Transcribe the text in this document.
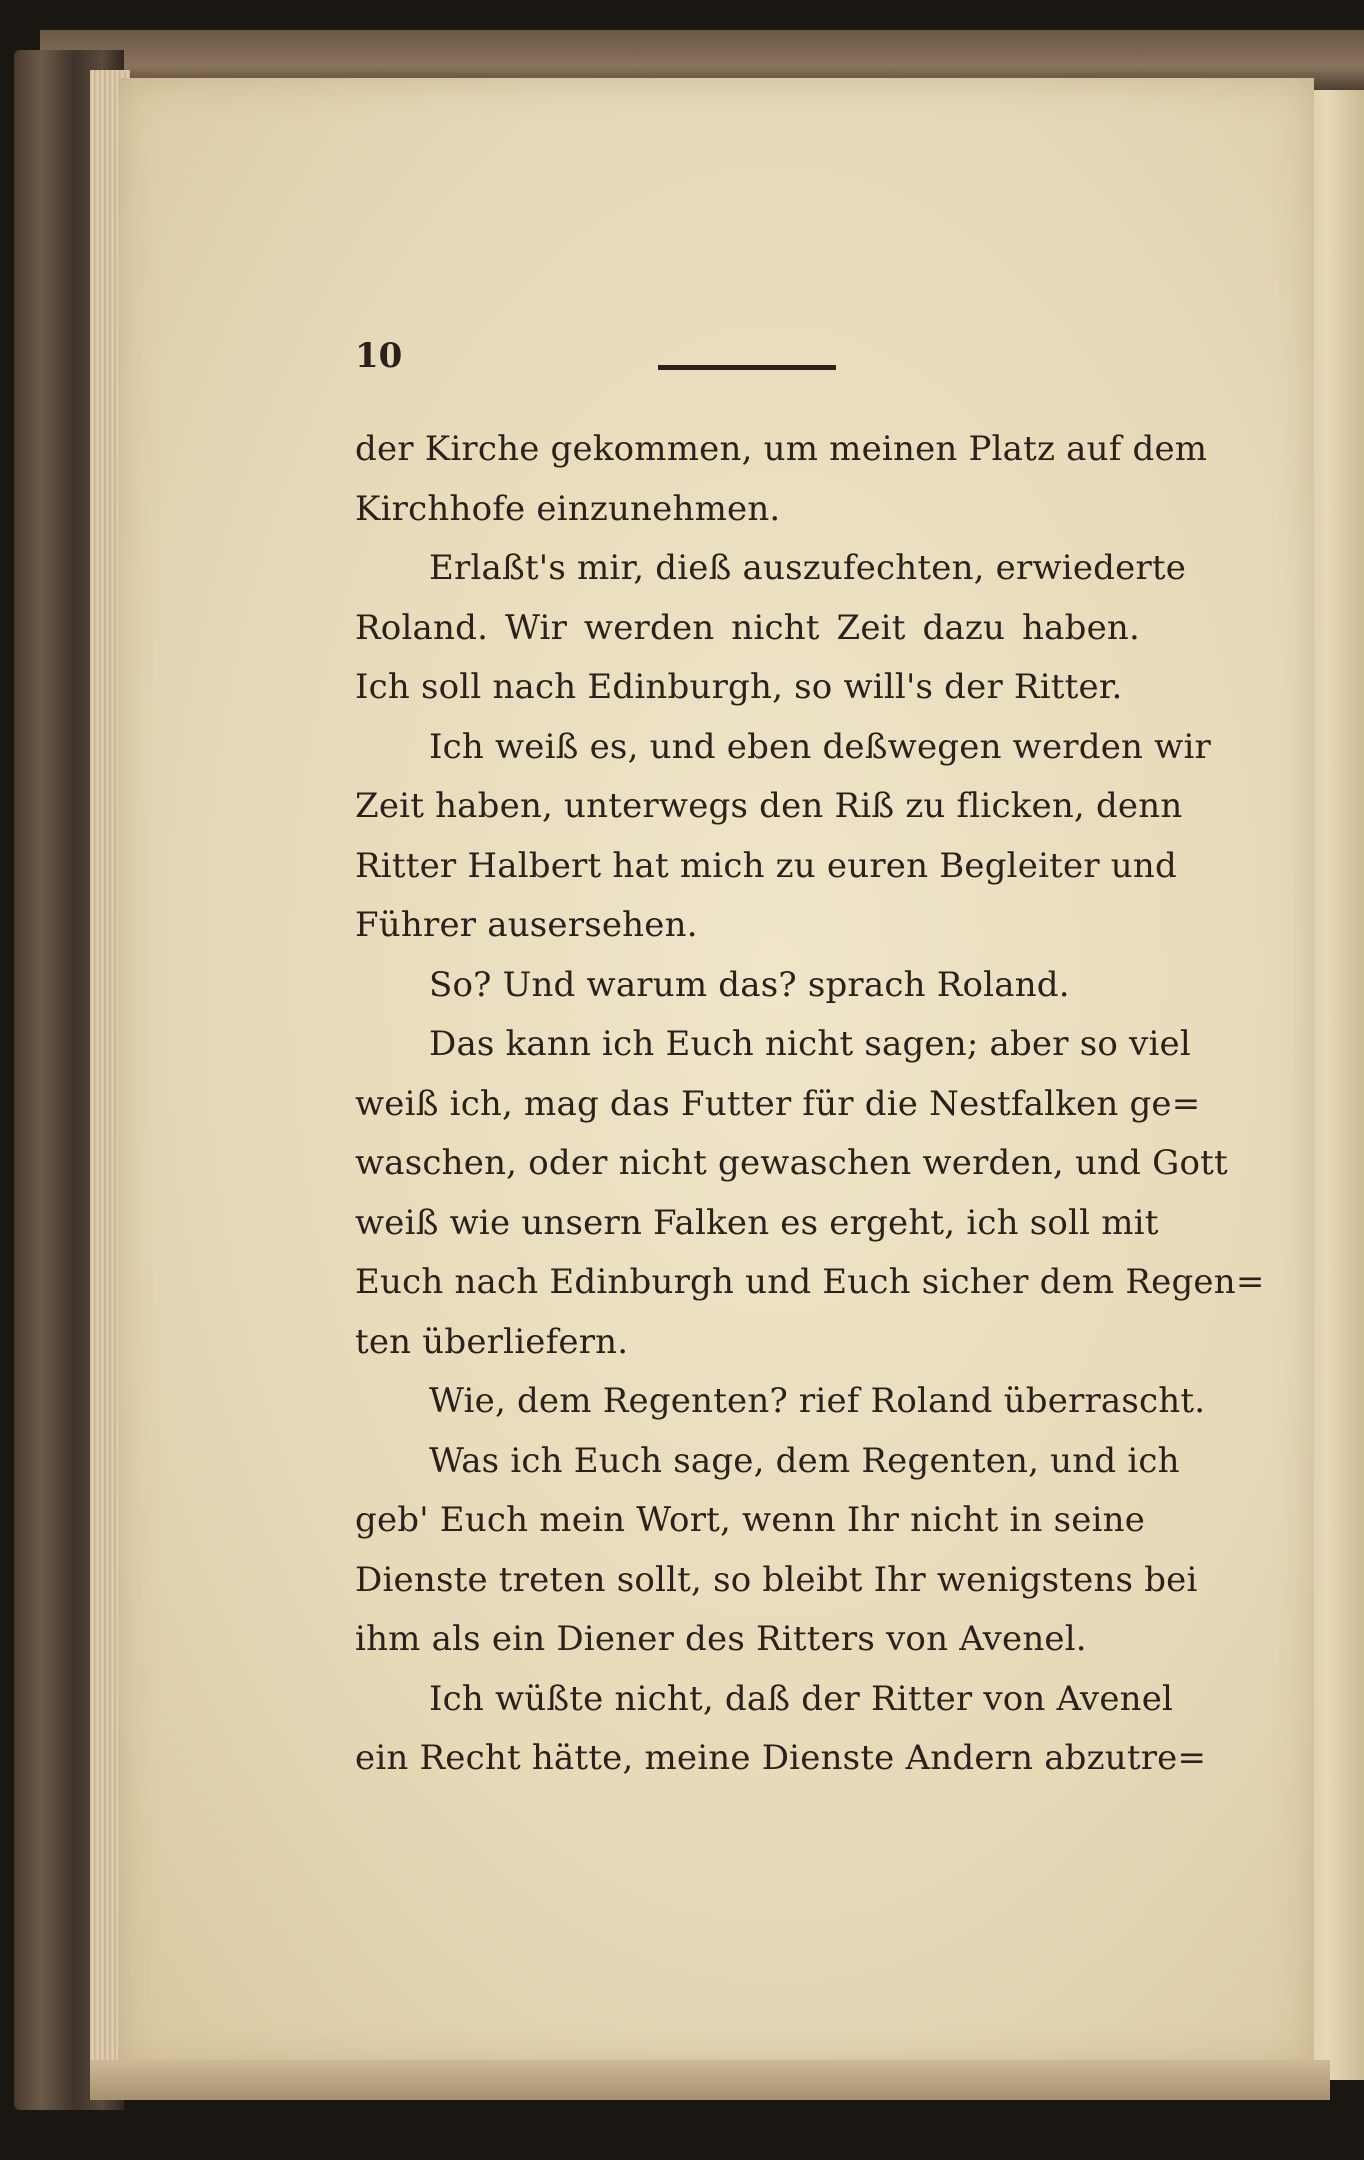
10
der Kirche gekommen, um meinen Platz auf dem
Kirchhofe einzunehmen.
Erlaßt's mir, dieß auszufechten, erwiederte
Roland. Wir werden nicht Zeit dazu haben.
Ich soll nach Edinburgh, so will's der Ritter.
Ich weiß es, und eben deßwegen werden wir
Zeit haben, unterwegs den Riß zu flicken, denn
Ritter Halbert hat mich zu euren Begleiter und
Führer ausersehen.
So? Und warum das? sprach Roland.
Das kann ich Euch nicht sagen; aber so viel
weiß ich, mag das Futter für die Nestfalken ge=
waschen, oder nicht gewaschen werden, und Gott
weiß wie unsern Falken es ergeht, ich soll mit
Euch nach Edinburgh und Euch sicher dem Regen=
ten überliefern.
Wie, dem Regenten? rief Roland überrascht.
Was ich Euch sage, dem Regenten, und ich
geb' Euch mein Wort, wenn Ihr nicht in seine
Dienste treten sollt, so bleibt Ihr wenigstens bei
ihm als ein Diener des Ritters von Avenel.
Ich wüßte nicht, daß der Ritter von Avenel
ein Recht hätte, meine Dienste Andern abzutre=
